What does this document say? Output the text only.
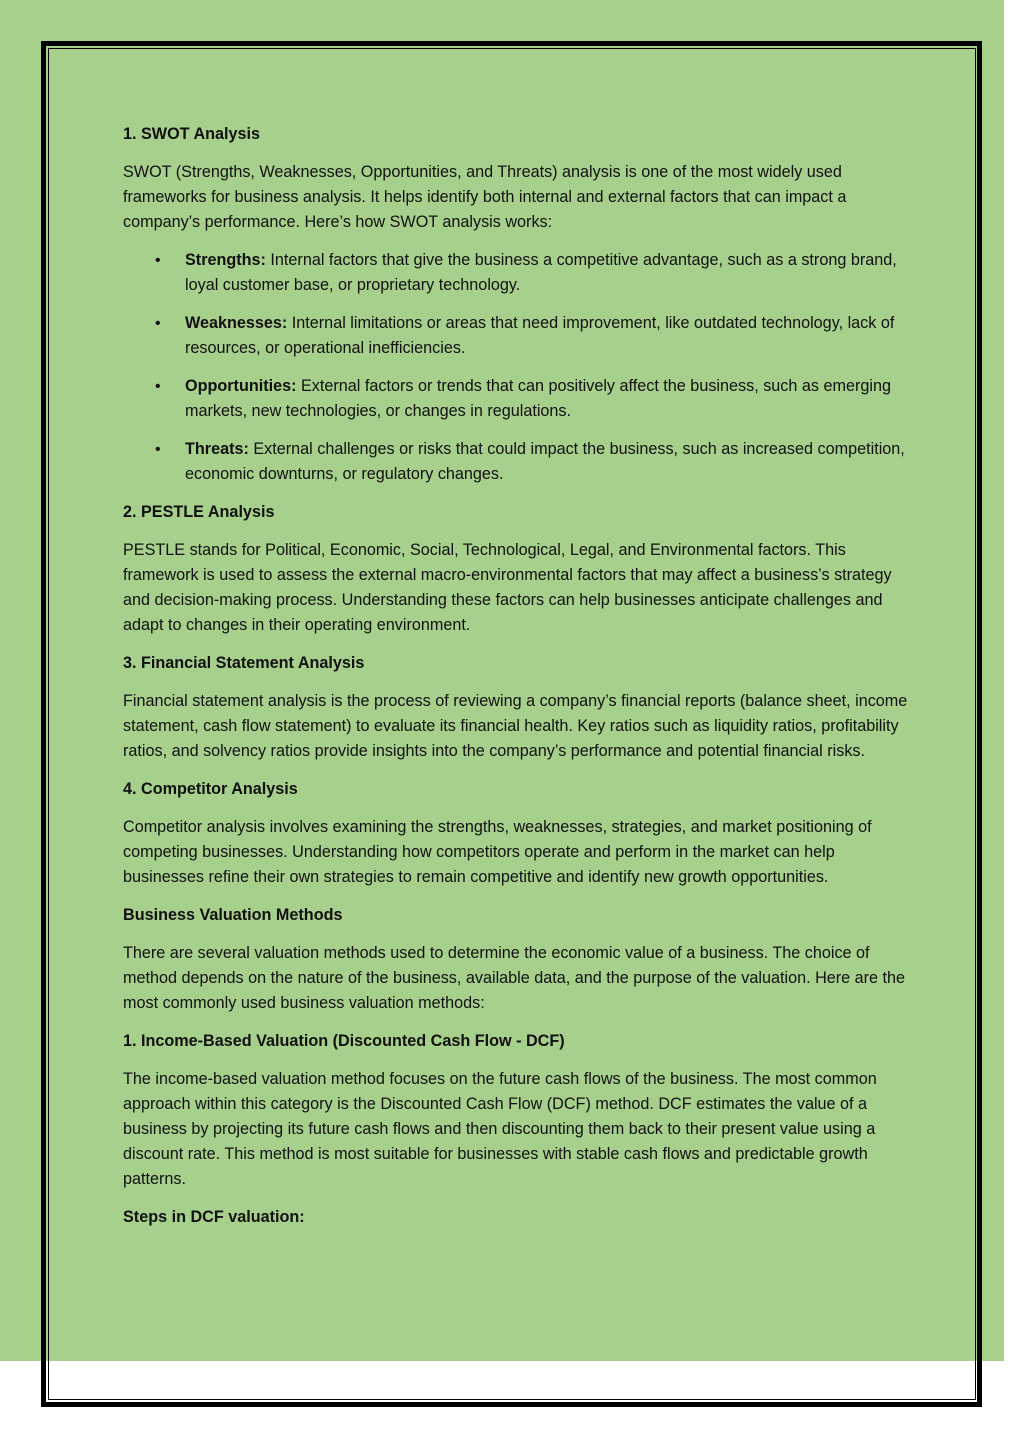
1. SWOT Analysis

SWOT (Strengths, Weaknesses, Opportunities, and Threats) analysis is one of the most widely used frameworks for business analysis. It helps identify both internal and external factors that can impact a company’s performance. Here’s how SWOT analysis works:

• Strengths: Internal factors that give the business a competitive advantage, such as a strong brand, loyal customer base, or proprietary technology.
• Weaknesses: Internal limitations or areas that need improvement, like outdated technology, lack of resources, or operational inefficiencies.
• Opportunities: External factors or trends that can positively affect the business, such as emerging markets, new technologies, or changes in regulations.
• Threats: External challenges or risks that could impact the business, such as increased competition, economic downturns, or regulatory changes.
2. PESTLE Analysis

PESTLE stands for Political, Economic, Social, Technological, Legal, and Environmental factors. This framework is used to assess the external macro-environmental factors that may affect a business’s strategy and decision-making process. Understanding these factors can help businesses anticipate challenges and adapt to changes in their operating environment.

3. Financial Statement Analysis

Financial statement analysis is the process of reviewing a company’s financial reports (balance sheet, income statement, cash flow statement) to evaluate its financial health. Key ratios such as liquidity ratios, profitability ratios, and solvency ratios provide insights into the company’s performance and potential financial risks.

4. Competitor Analysis

Competitor analysis involves examining the strengths, weaknesses, strategies, and market positioning of competing businesses. Understanding how competitors operate and perform in the market can help businesses refine their own strategies to remain competitive and identify new growth opportunities.

Business Valuation Methods

There are several valuation methods used to determine the economic value of a business. The choice of method depends on the nature of the business, available data, and the purpose of the valuation. Here are the most commonly used business valuation methods:

1. Income-Based Valuation (Discounted Cash Flow - DCF)

The income-based valuation method focuses on the future cash flows of the business. The most common approach within this category is the Discounted Cash Flow (DCF) method. DCF estimates the value of a business by projecting its future cash flows and then discounting them back to their present value using a discount rate. This method is most suitable for businesses with stable cash flows and predictable growth patterns.

Steps in DCF valuation:
